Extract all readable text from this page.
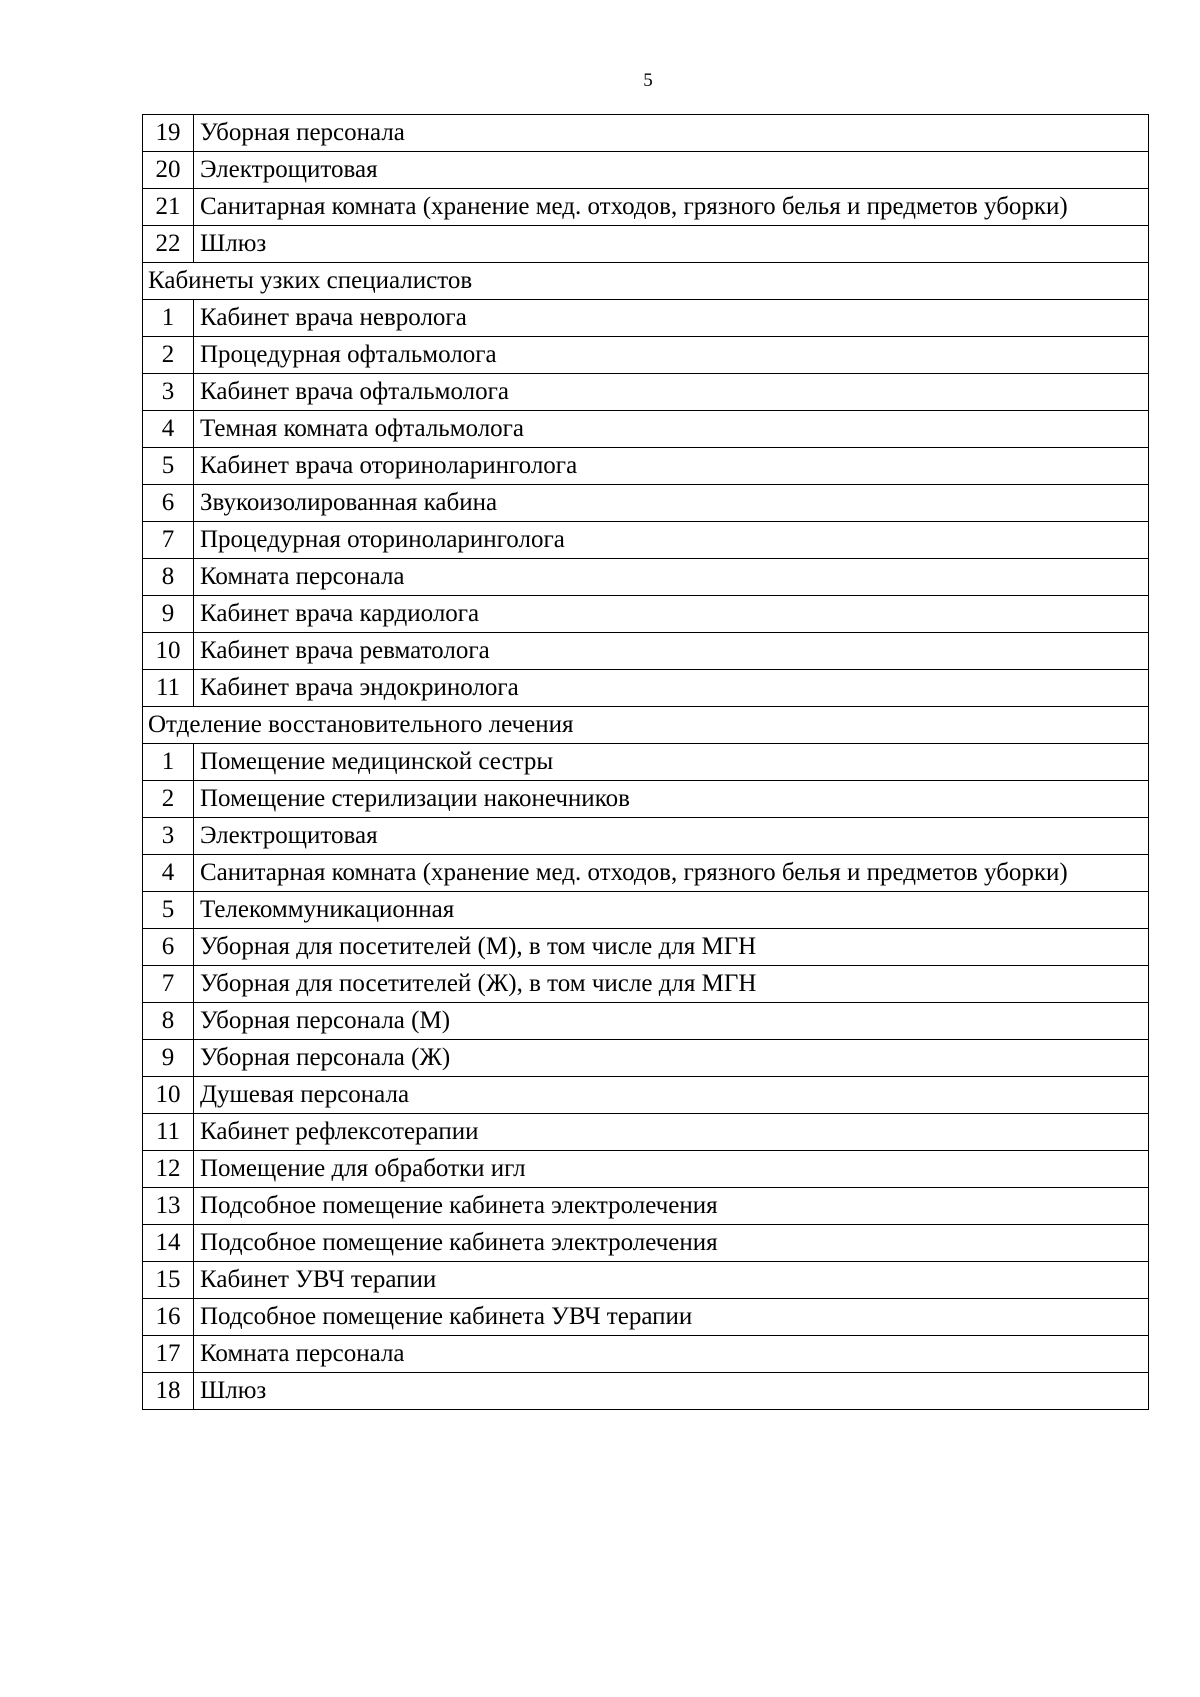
5
19	Уборная персонала
20	Электрощитовая
21	Санитарная комната (хранение мед. отходов, грязного белья и предметов уборки)
22	Шлюз
Кабинеты узких специалистов	
1	Кабинет врача невролога
2	Процедурная офтальмолога
3	Кабинет врача офтальмолога
4	Темная комната офтальмолога
5	Кабинет врача оториноларинголога
6	Звукоизолированная кабина
7	Процедурная оториноларинголога
8	Комната персонала
9	Кабинет врача кардиолога
10	Кабинет врача ревматолога
11	Кабинет врача эндокринолога
Отделение восстановительного лечения	
1	Помещение медицинской сестры
2	Помещение стерилизации наконечников
3	Электрощитовая
4	Санитарная комната (хранение мед. отходов, грязного белья и предметов уборки)
5	Телекоммуникационная
6	Уборная для посетителей (М), в том числе для МГН
7	Уборная для посетителей (Ж), в том числе для МГН
8	Уборная персонала (М)
9	Уборная персонала (Ж)
10	Душевая персонала
11	Кабинет рефлексотерапии
12	Помещение для обработки игл
13	Подсобное помещение кабинета электролечения
14	Подсобное помещение кабинета электролечения
15	Кабинет УВЧ терапии
16	Подсобное помещение кабинета УВЧ терапии
17	Комната персонала
18	Шлюз
